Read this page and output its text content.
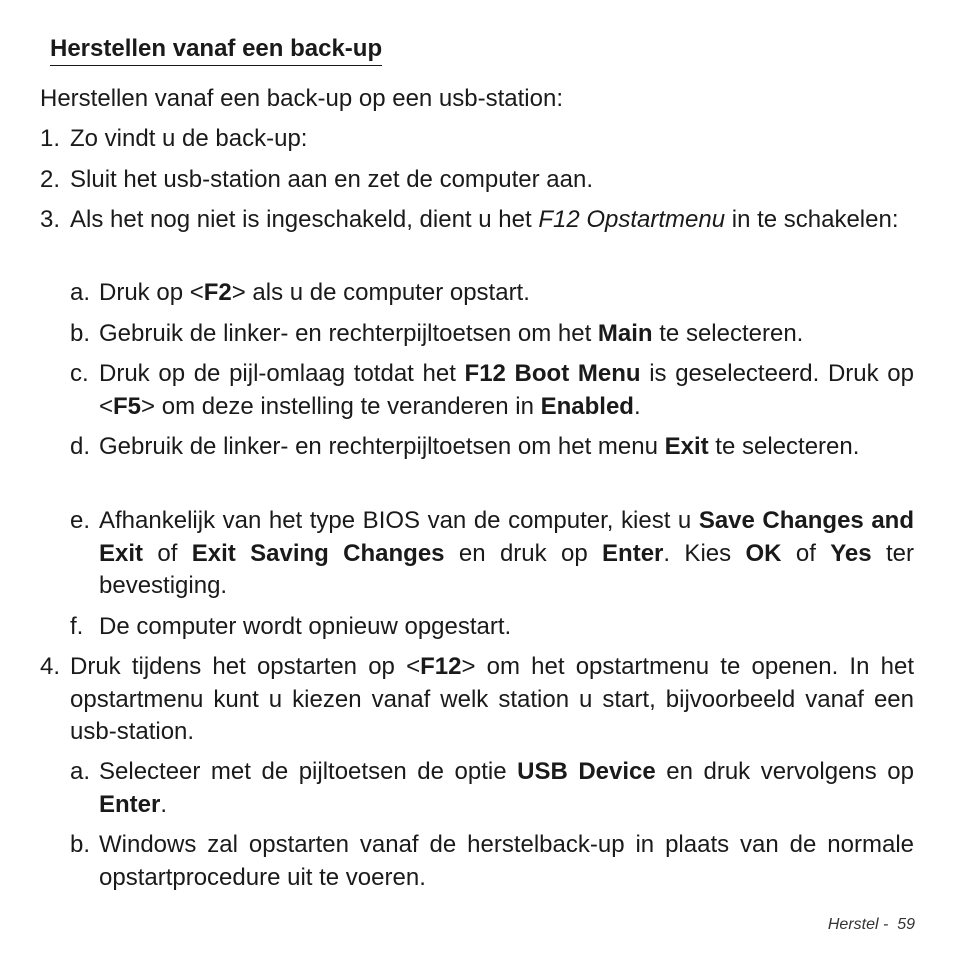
Herstellen vanaf een back-up

Herstellen vanaf een back-up op een usb-station:

1. Zo vindt u de back-up:

2. Sluit het usb-station aan en zet de computer aan.

3. Als het nog niet is ingeschakeld, dient u het F12 Opstartmenu in te schakelen:

a. Druk op <F2> als u de computer opstart.

b. Gebruik de linker- en rechterpijltoetsen om het Main te selecteren.

c. Druk op de pijl-omlaag totdat het F12 Boot Menu is geselecteerd. Druk op <F5> om deze instelling te veranderen in Enabled.

d. Gebruik de linker- en rechterpijltoetsen om het menu Exit te selecteren.

e. Afhankelijk van het type BIOS van de computer, kiest u Save Changes and Exit of Exit Saving Changes en druk op Enter. Kies OK of Yes ter bevestiging.

f. De computer wordt opnieuw opgestart.

4. Druk tijdens het opstarten op <F12> om het opstartmenu te openen. In het opstartmenu kunt u kiezen vanaf welk station u start, bijvoorbeeld vanaf een usb-station.

a. Selecteer met de pijltoetsen de optie USB Device en druk vervolgens op Enter.

b. Windows zal opstarten vanaf de herstelback-up in plaats van de normale opstartprocedure uit te voeren.

Herstel - 59
